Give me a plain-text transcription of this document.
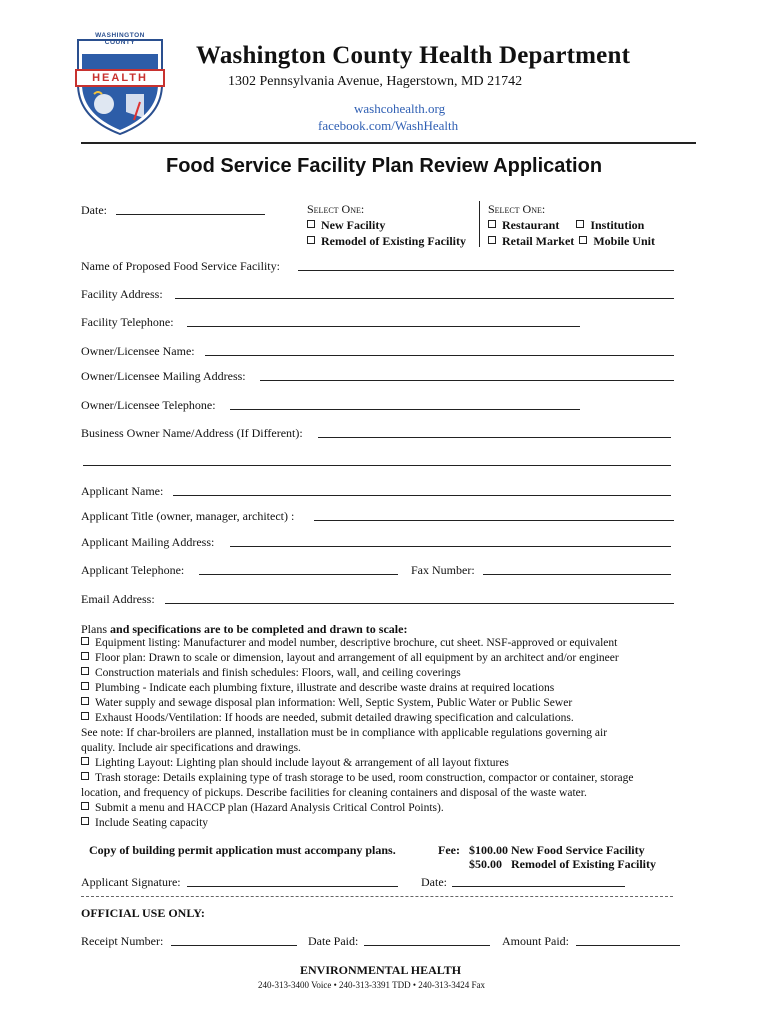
WASHINGTON COUNTY
HEALTH
Washington County Health Department
1302 Pennsylvania Avenue, Hagerstown, MD 21742
washcohealth.org
facebook.com/WashHealth
Food Service Facility Plan Review Application
Date:	Select One:
New Facility
Remodel of Existing Facility
Select One:
Restaurant	Institution
Retail Market Mobile Unit
Name of Proposed Food Service Facility:
Facility Address:
Facility Telephone:
Owner/Licensee Name:
Owner/Licensee Mailing Address:
Owner/Licensee Telephone:
Business Owner Name/Address (If Different):
Applicant Name:
Applicant Title (owner, manager, architect) :
Applicant Mailing Address:
Applicant Telephone:	Fax Number:
Email Address:
Plans and specifications are to be completed and drawn to scale:
Equipment listing: Manufacturer and model number, descriptive brochure, cut sheet. NSF-approved or equivalent
Floor plan: Drawn to scale or dimension, layout and arrangement of all equipment by an architect and/or engineer
Construction materials and finish schedules: Floors, wall, and ceiling coverings
Plumbing - Indicate each plumbing fixture, illustrate and describe waste drains at required locations
Water supply and sewage disposal plan information: Well, Septic System, Public Water or Public Sewer
Exhaust Hoods/Ventilation: If hoods are needed, submit detailed drawing specification and calculations.
See note: If char-broilers are planned, installation must be in compliance with applicable regulations governing air
quality. Include air specifications and drawings.
Lighting Layout: Lighting plan should include layout & arrangement of all layout fixtures
Trash storage: Details explaining type of trash storage to be used, room construction, compactor or container, storage
location, and frequency of pickups. Describe facilities for cleaning containers and disposal of the waste water.
Submit a menu and HACCP plan (Hazard Analysis Critical Control Points).
Include Seating capacity
Copy of building permit application must accompany plans.	Fee: $100.00 New Food Service Facility
$50.00   Remodel of Existing Facility
Applicant Signature:	Date:
OFFICIAL USE ONLY:
Receipt Number:	Date Paid:	Amount Paid:
ENVIRONMENTAL HEALTH
240-313-3400 Voice • 240-313-3391 TDD • 240-313-3424 Fax
